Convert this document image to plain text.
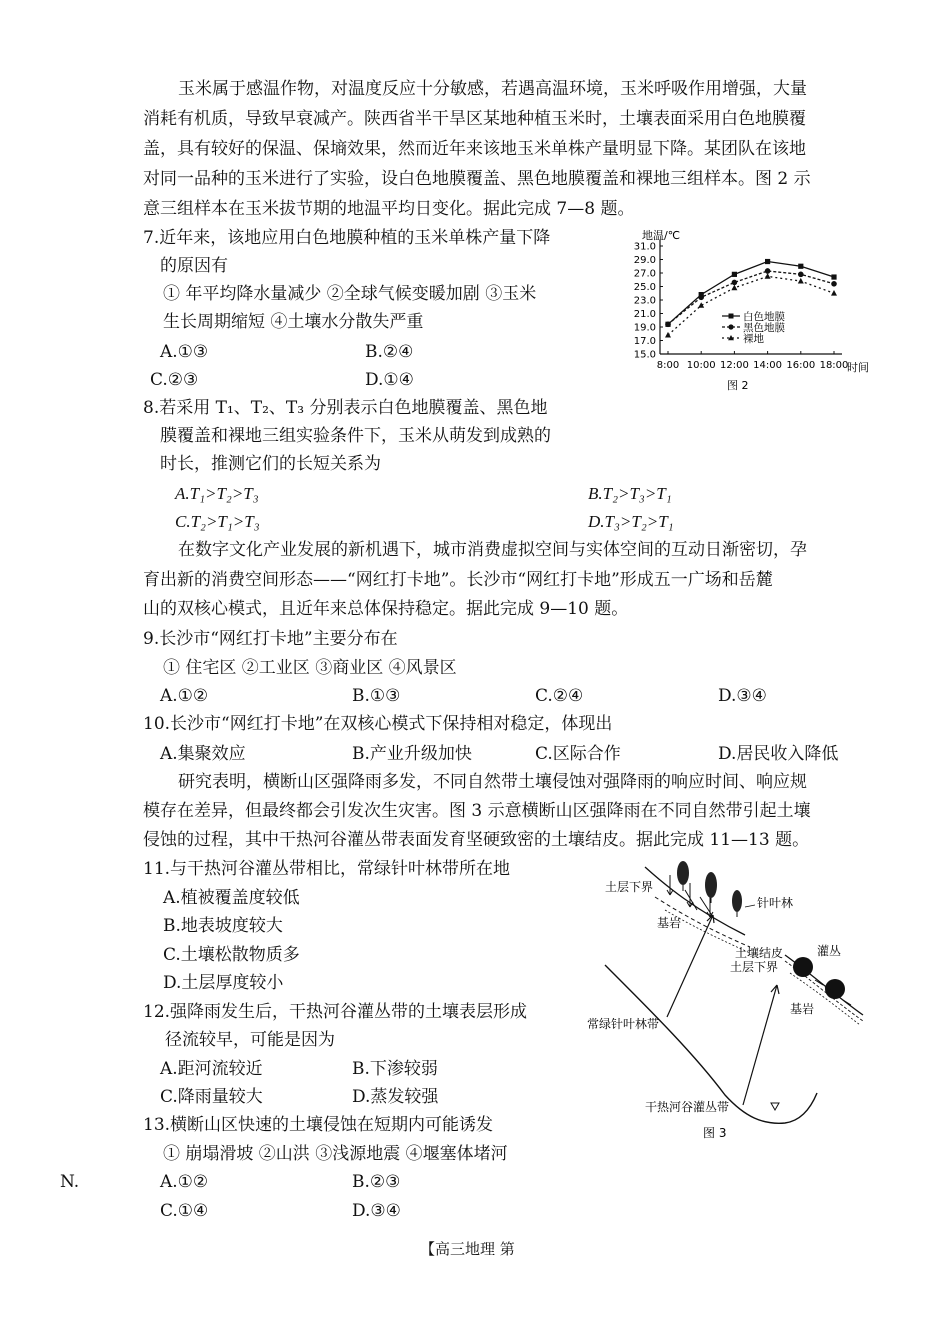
玉米属于感温作物，对温度反应十分敏感，若遇高温环境，玉米呼吸作用增强，大量
消耗有机质，导致早衰减产。陕西省半干旱区某地种植玉米时，土壤表面采用白色地膜覆
盖，具有较好的保温、保墒效果，然而近年来该地玉米单株产量明显下降。某团队在该地
对同一品种的玉米进行了实验，设白色地膜覆盖、黑色地膜覆盖和裸地三组样本。图 2 示
意三组样本在玉米拔节期的地温平均日变化。据此完成 7—8 题。
7.近年来，该地应用白色地膜种植的玉米单株产量下降
的原因有
① 年平均降水量减少 ②全球气候变暖加剧 ③玉米
生长周期缩短 ④土壤水分散失严重
A.①③	B.②④
C.②③	D.①④
8.若采用 T₁、T₂、T₃ 分别表示白色地膜覆盖、黑色地
膜覆盖和裸地三组实验条件下，玉米从萌发到成熟的
时长，推测它们的长短关系为
A.T₁>T₂>T₃	B.T₂>T₃>T₁
C.T₂>T₁>T₃	D.T₃>T₂>T₁
在数字文化产业发展的新机遇下，城市消费虚拟空间与实体空间的互动日渐密切，孕
育出新的消费空间形态——“网红打卡地”。长沙市“网红打卡地”形成五一广场和岳麓
山的双核心模式，且近年来总体保持稳定。据此完成 9—10 题。
9.长沙市“网红打卡地”主要分布在
① 住宅区 ②工业区 ③商业区 ④风景区
A.①②	B.①③	C.②④	D.③④
10.长沙市“网红打卡地”在双核心模式下保持相对稳定，体现出
A.集聚效应	B.产业升级加快	C.区际合作	D.居民收入降低
研究表明，横断山区强降雨多发，不同自然带土壤侵蚀对强降雨的响应时间、响应规
模存在差异，但最终都会引发次生灾害。图 3 示意横断山区强降雨在不同自然带引起土壤
侵蚀的过程，其中干热河谷灌丛带表面发育坚硬致密的土壤结皮。据此完成 11—13 题。
11.与干热河谷灌丛带相比，常绿针叶林带所在地
A.植被覆盖度较低
B.地表坡度较大
C.土壤松散物质多
D.土层厚度较小
12.强降雨发生后，干热河谷灌丛带的土壤表层形成
径流较早，可能是因为
A.距河流较近	B.下渗较弱
C.降雨量较大	D.蒸发较强
13.横断山区快速的土壤侵蚀在短期内可能诱发
① 崩塌滑坡 ②山洪 ③浅源地震 ④堰塞体堵河
N.	A.①②	B.②③
C.①④	D.③④
【高三地理 第
地温/℃
31.0
29.0
27.0
25.0
23.0
21.0
19.0
17.0
15.0
8:00 10:00 12:00 14:00 16:00 18:00
白色地膜
黑色地膜
裸地
时间
图 2
土层下界
针叶林
基岩
土壤结皮	灌丛
土层下界
基岩
常绿针叶林带
干热河谷灌丛带
图 3
